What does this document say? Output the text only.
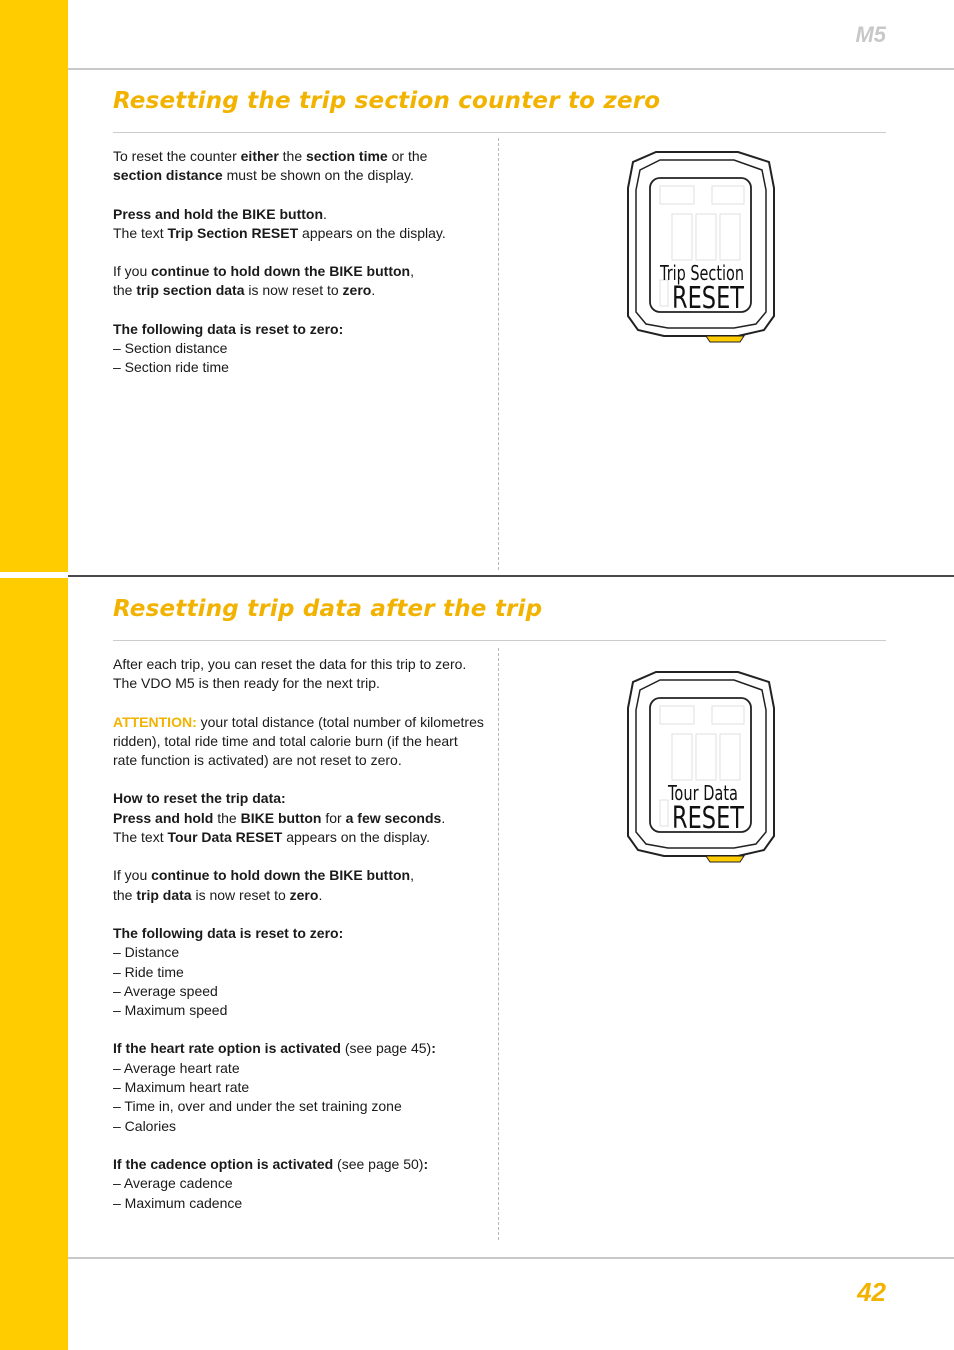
M5
42
Resetting the trip section counter to zero

To reset the counter either the section time or the
section distance must be shown on the display.

Press and hold the BIKE button.
The text Trip Section RESET appears on the display.

If you continue to hold down the BIKE button,
the trip section data is now reset to zero.

The following data is reset to zero:
– Section distance
– Section ride time
Trip Section
RESET
Resetting trip data after the trip

After each trip, you can reset the data for this trip to zero.
The VDO M5 is then ready for the next trip.

ATTENTION: your total distance (total number of kilometres ridden), total ride time and total calorie burn (if the heart rate function is activated) are not reset to zero.

How to reset the trip data:
Press and hold the BIKE button for a few seconds.
The text Tour Data RESET appears on the display.

If you continue to hold down the BIKE button,
the trip data is now reset to zero.

The following data is reset to zero:
– Distance
– Ride time
– Average speed
– Maximum speed

If the heart rate option is activated (see page 45):
– Average heart rate
– Maximum heart rate
– Time in, over and under the set training zone
– Calories

If the cadence option is activated (see page 50):
– Average cadence
– Maximum cadence

Tour Data
RESET
